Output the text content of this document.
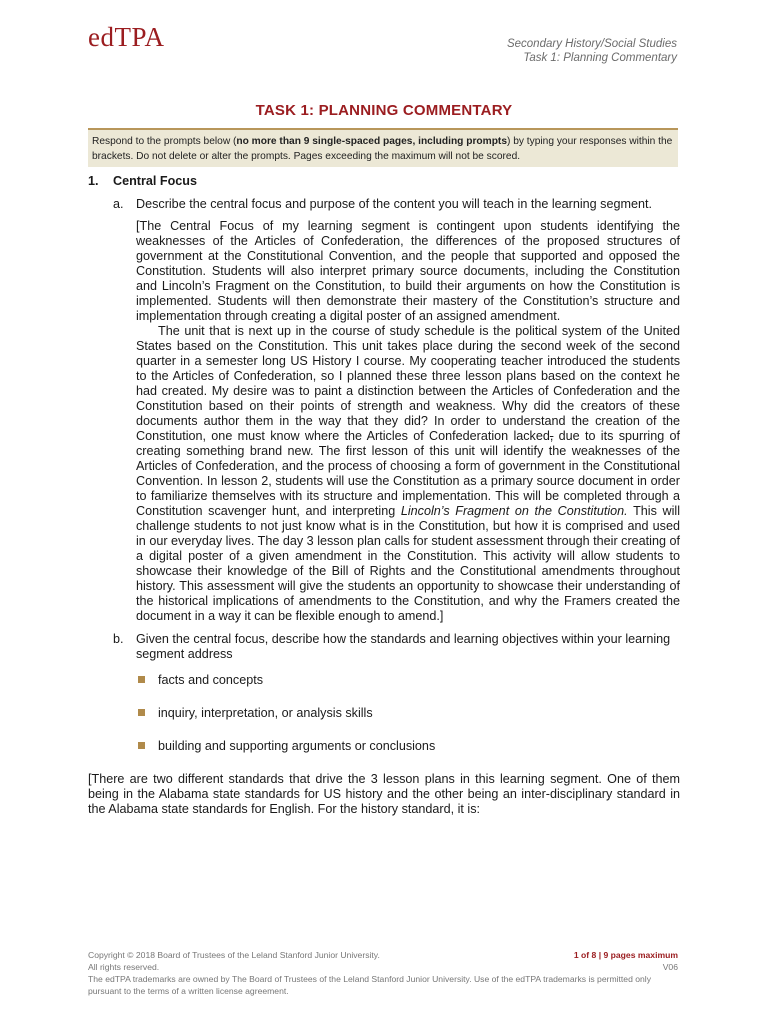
edTPA	Secondary History/Social Studies
Task 1: Planning Commentary
TASK 1: PLANNING COMMENTARY
Respond to the prompts below (no more than 9 single-spaced pages, including prompts) by typing your responses within the brackets. Do not delete or alter the prompts. Pages exceeding the maximum will not be scored.
1. Central Focus
a. Describe the central focus and purpose of the content you will teach in the learning segment.

[The Central Focus of my learning segment is contingent upon students identifying the weaknesses of the Articles of Confederation, the differences of the proposed structures of government at the Constitutional Convention, and the people that supported and opposed the Constitution. Students will also interpret primary source documents, including the Constitution and Lincoln’s Fragment on the Constitution, to build their arguments on how the Constitution is implemented. Students will then demonstrate their mastery of the Constitution’s structure and implementation through creating a digital poster of an assigned amendment.

The unit that is next up in the course of study schedule is the political system of the United States based on the Constitution. This unit takes place during the second week of the second quarter in a semester long US History I course. My cooperating teacher introduced the students to the Articles of Confederation, so I planned these three lesson plans based on the context he had created. My desire was to paint a distinction between the Articles of Confederation and the Constitution based on their points of strength and weakness. Why did the creators of these documents author them in the way that they did? In order to understand the creation of the Constitution, one must know where the Articles of Confederation lacked, due to its spurring of creating something brand new. The first lesson of this unit will identify the weaknesses of the Articles of Confederation, and the process of choosing a form of government in the Constitutional Convention. In lesson 2, students will use the Constitution as a primary source document in order to familiarize themselves with its structure and implementation. This will be completed through a Constitution scavenger hunt, and interpreting Lincoln’s Fragment on the Constitution. This will challenge students to not just know what is in the Constitution, but how it is comprised and used in our everyday lives. The day 3 lesson plan calls for student assessment through their creating of a digital poster of a given amendment in the Constitution. This activity will allow students to showcase their knowledge of the Bill of Rights and the Constitutional amendments throughout history. This assessment will give the students an opportunity to showcase their understanding of the historical implications of amendments to the Constitution, and why the Framers created the document in a way it can be flexible enough to amend.]

b. Given the central focus, describe how the standards and learning objectives within your learning segment address
facts and concepts
inquiry, interpretation, or analysis skills
building and supporting arguments or conclusions
[There are two different standards that drive the 3 lesson plans in this learning segment. One of them being in the Alabama state standards for US history and the other being an inter-disciplinary standard in the Alabama state standards for English. For the history standard, it is:
Copyright © 2018 Board of Trustees of the Leland Stanford Junior University.
All rights reserved.
The edTPA trademarks are owned by The Board of Trustees of the Leland Stanford Junior University. Use of the edTPA trademarks is permitted only pursuant to the terms of a written license agreement.
1 of 8 | 9 pages maximum
V06
